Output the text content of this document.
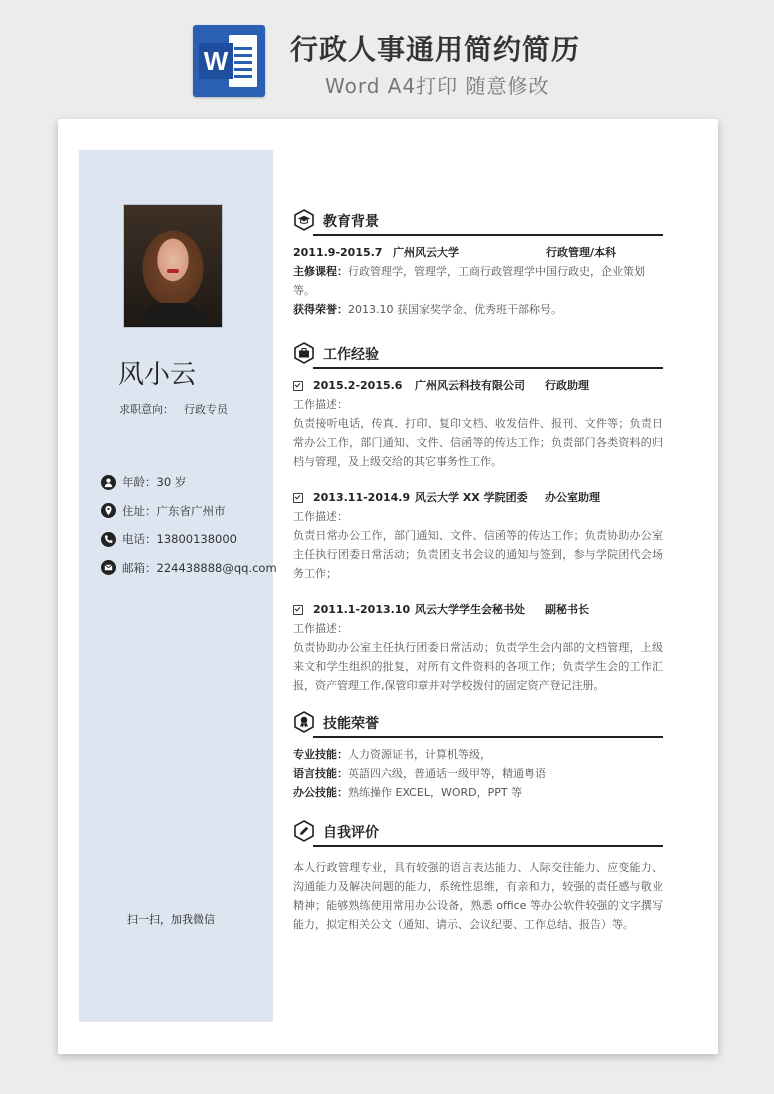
W 行政人事通用简约简历
Word A4打印 随意修改
风小云
求职意向： 行政专员
年龄：30 岁
住址：广东省广州市
电话：13800138000
邮箱：224438888@qq.com
扫一扫，加我微信
教育背景
2011.9-2015.7 广州风云大学	行政管理/本科
主修课程：行政管理学，管理学，工商行政管理学中国行政史，企业策划等。
获得荣誉：2013.10 获国家奖学金、优秀班干部称号。
工作经验
2015.2-2015.6	广州风云科技有限公司	行政助理
工作描述：
负责接听电话，传真、打印、复印文档、收发信件、报刊、文件等；负责日常办公工作，部门通知、文件、信函等的传达工作；负责部门各类资料的归档与管理，及上级交给的其它事务性工作。
2013.11-2014.9 风云大学 XX 学院团委	办公室助理
工作描述：
负责日常办公工作，部门通知、文件、信函等的传达工作；负责协助办公室主任执行团委日常活动；负责团支书会议的通知与签到，参与学院团代会场务工作；
2011.1-2013.10 风云大学学生会秘书处	副秘书长
工作描述：
负责协助办公室主任执行团委日常活动；负责学生会内部的文档管理，上级来文和学生组织的批复，对所有文件资料的各项工作；负责学生会的工作汇报，资产管理工作,保管印章并对学校拨付的固定资产登记注册。
技能荣誉
专业技能：人力资源证书，计算机等级，
语言技能：英語四六级，普通话一级甲等，精通粤语
办公技能：熟练操作 EXCEL，WORD，PPT 等
自我评价
本人行政管理专业，具有较强的语言表达能力、人际交往能力、应变能力、沟通能力及解决问题的能力，系统性思维，有亲和力，较强的责任感与敬业精神；能够熟练使用常用办公设备，熟悉 office 等办公软件较强的文字撰写能力，拟定相关公文（通知、请示、会议纪要、工作总结、报告）等。
